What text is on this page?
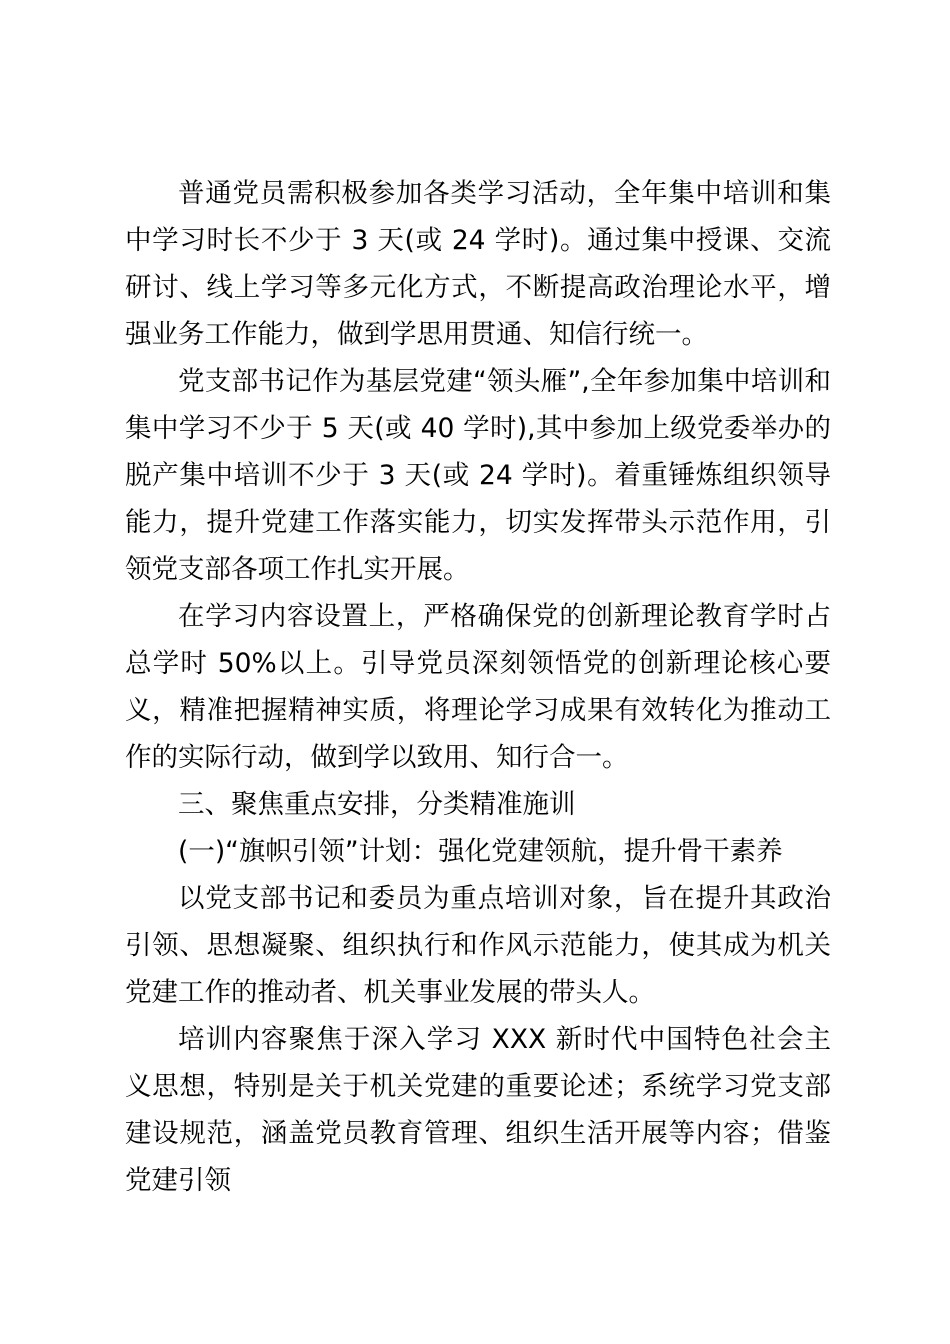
普通党员需积极参加各类学习活动，全年集中培训和集中学习时长不少于 3 天(或 24 学时)。通过集中授课、交流研讨、线上学习等多元化方式，不断提高政治理论水平，增强业务工作能力，做到学思用贯通、知信行统一。

党支部书记作为基层党建“领头雁”,全年参加集中培训和集中学习不少于 5 天(或 40 学时),其中参加上级党委举办的脱产集中培训不少于 3 天(或 24 学时)。着重锤炼组织领导能力，提升党建工作落实能力，切实发挥带头示范作用，引领党支部各项工作扎实开展。

在学习内容设置上，严格确保党的创新理论教育学时占总学时 50%以上。引导党员深刻领悟党的创新理论核心要义，精准把握精神实质，将理论学习成果有效转化为推动工作的实际行动，做到学以致用、知行合一。

三、聚焦重点安排，分类精准施训

(一)“旗帜引领”计划：强化党建领航，提升骨干素养

以党支部书记和委员为重点培训对象，旨在提升其政治引领、思想凝聚、组织执行和作风示范能力，使其成为机关党建工作的推动者、机关事业发展的带头人。

培训内容聚焦于深入学习 XXX 新时代中国特色社会主义思想，特别是关于机关党建的重要论述；系统学习党支部建设规范，涵盖党员教育管理、组织生活开展等内容；借鉴党建引领
